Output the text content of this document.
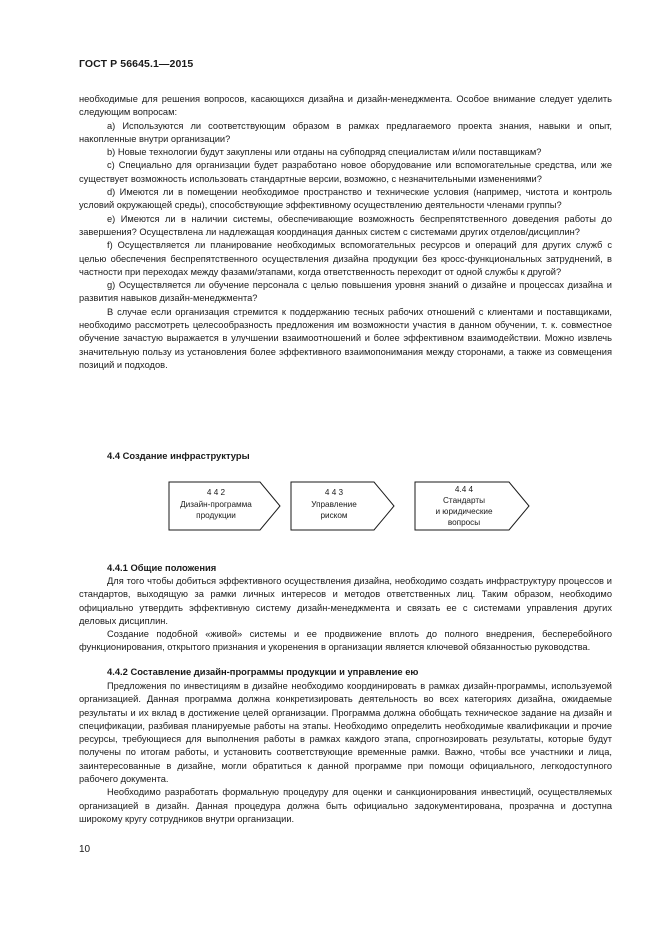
ГОСТ Р 56645.1—2015

необходимые для решения вопросов, касающихся дизайна и дизайн-менеджмента. Особое внимание следует уделить следующим вопросам:

a) Используются ли соответствующим образом в рамках предлагаемого проекта знания, навыки и опыт, накопленные внутри организации?

b) Новые технологии будут закуплены или отданы на субподряд специалистам и/или поставщикам?

c) Специально для организации будет разработано новое оборудование или вспомогательные средства, или же существует возможность использовать стандартные версии, возможно, с незначительными изменениями?

d) Имеются ли в помещении необходимое пространство и технические условия (например, чистота и контроль условий окружающей среды), способствующие эффективному осуществлению деятельности членами группы?

e) Имеются ли в наличии системы, обеспечивающие возможность беспрепятственного доведения работы до завершения? Осуществлена ли надлежащая координация данных систем с системами других отделов/дисциплин?

f) Осуществляется ли планирование необходимых вспомогательных ресурсов и операций для других служб с целью обеспечения беспрепятственного осуществления дизайна продукции без кросс-функциональных затруднений, в частности при переходах между фазами/этапами, когда ответственность переходит от одной службы к другой?

g) Осуществляется ли обучение персонала с целью повышения уровня знаний о дизайне и процессах дизайна и развития навыков дизайн-менеджмента?

В случае если организация стремится к поддержанию тесных рабочих отношений с клиентами и поставщиками, необходимо рассмотреть целесообразность предложения им возможности участия в данном обучении, т. к. совместное обучение зачастую выражается в улучшении взаимоотношений и более эффективном взаимодействии. Можно извлечь значительную пользу из установления более эффективного взаимопонимания между сторонами, а также из совмещения позиций и подходов.

4.4 Создание инфраструктуры
4 4 2
Дизайн-программа
продукции
4 4 3
Управление
риском
4.4 4
Стандарты
и юридические
вопросы
4.4.1 Общие положения

Для того чтобы добиться эффективного осуществления дизайна, необходимо создать инфраструктуру процессов и стандартов, выходящую за рамки личных интересов и методов ответственных лиц. Таким образом, необходимо официально утвердить эффективную систему дизайн-менеджмента и связать ее с системами управления других деловых дисциплин.

Создание подобной «живой» системы и ее продвижение вплоть до полного внедрения, бесперебойного функционирования, открытого признания и укоренения в организации является ключевой обязанностью руководства.

4.4.2 Составление дизайн-программы продукции и управление ею

Предложения по инвестициям в дизайне необходимо координировать в рамках дизайн-программы, используемой организацией. Данная программа должна конкретизировать деятельность во всех категориях дизайна, ожидаемые результаты и их вклад в достижение целей организации. Программа должна обобщать техническое задание на дизайн и спецификации, разбивая планируемые работы на этапы. Необходимо определить необходимые квалификации и прочие ресурсы, требующиеся для выполнения работы в рамках каждого этапа, спрогнозировать результаты, которые будут получены по итогам работы, и установить соответствующие временные рамки. Важно, чтобы все участники и лица, заинтересованные в дизайне, могли обратиться к данной программе при помощи официального, легкодоступного рабочего документа.

Необходимо разработать формальную процедуру для оценки и санкционирования инвестиций, осуществляемых организацией в дизайн. Данная процедура должна быть официально задокументирована, прозрачна и доступна широкому кругу сотрудников внутри организации.

10
